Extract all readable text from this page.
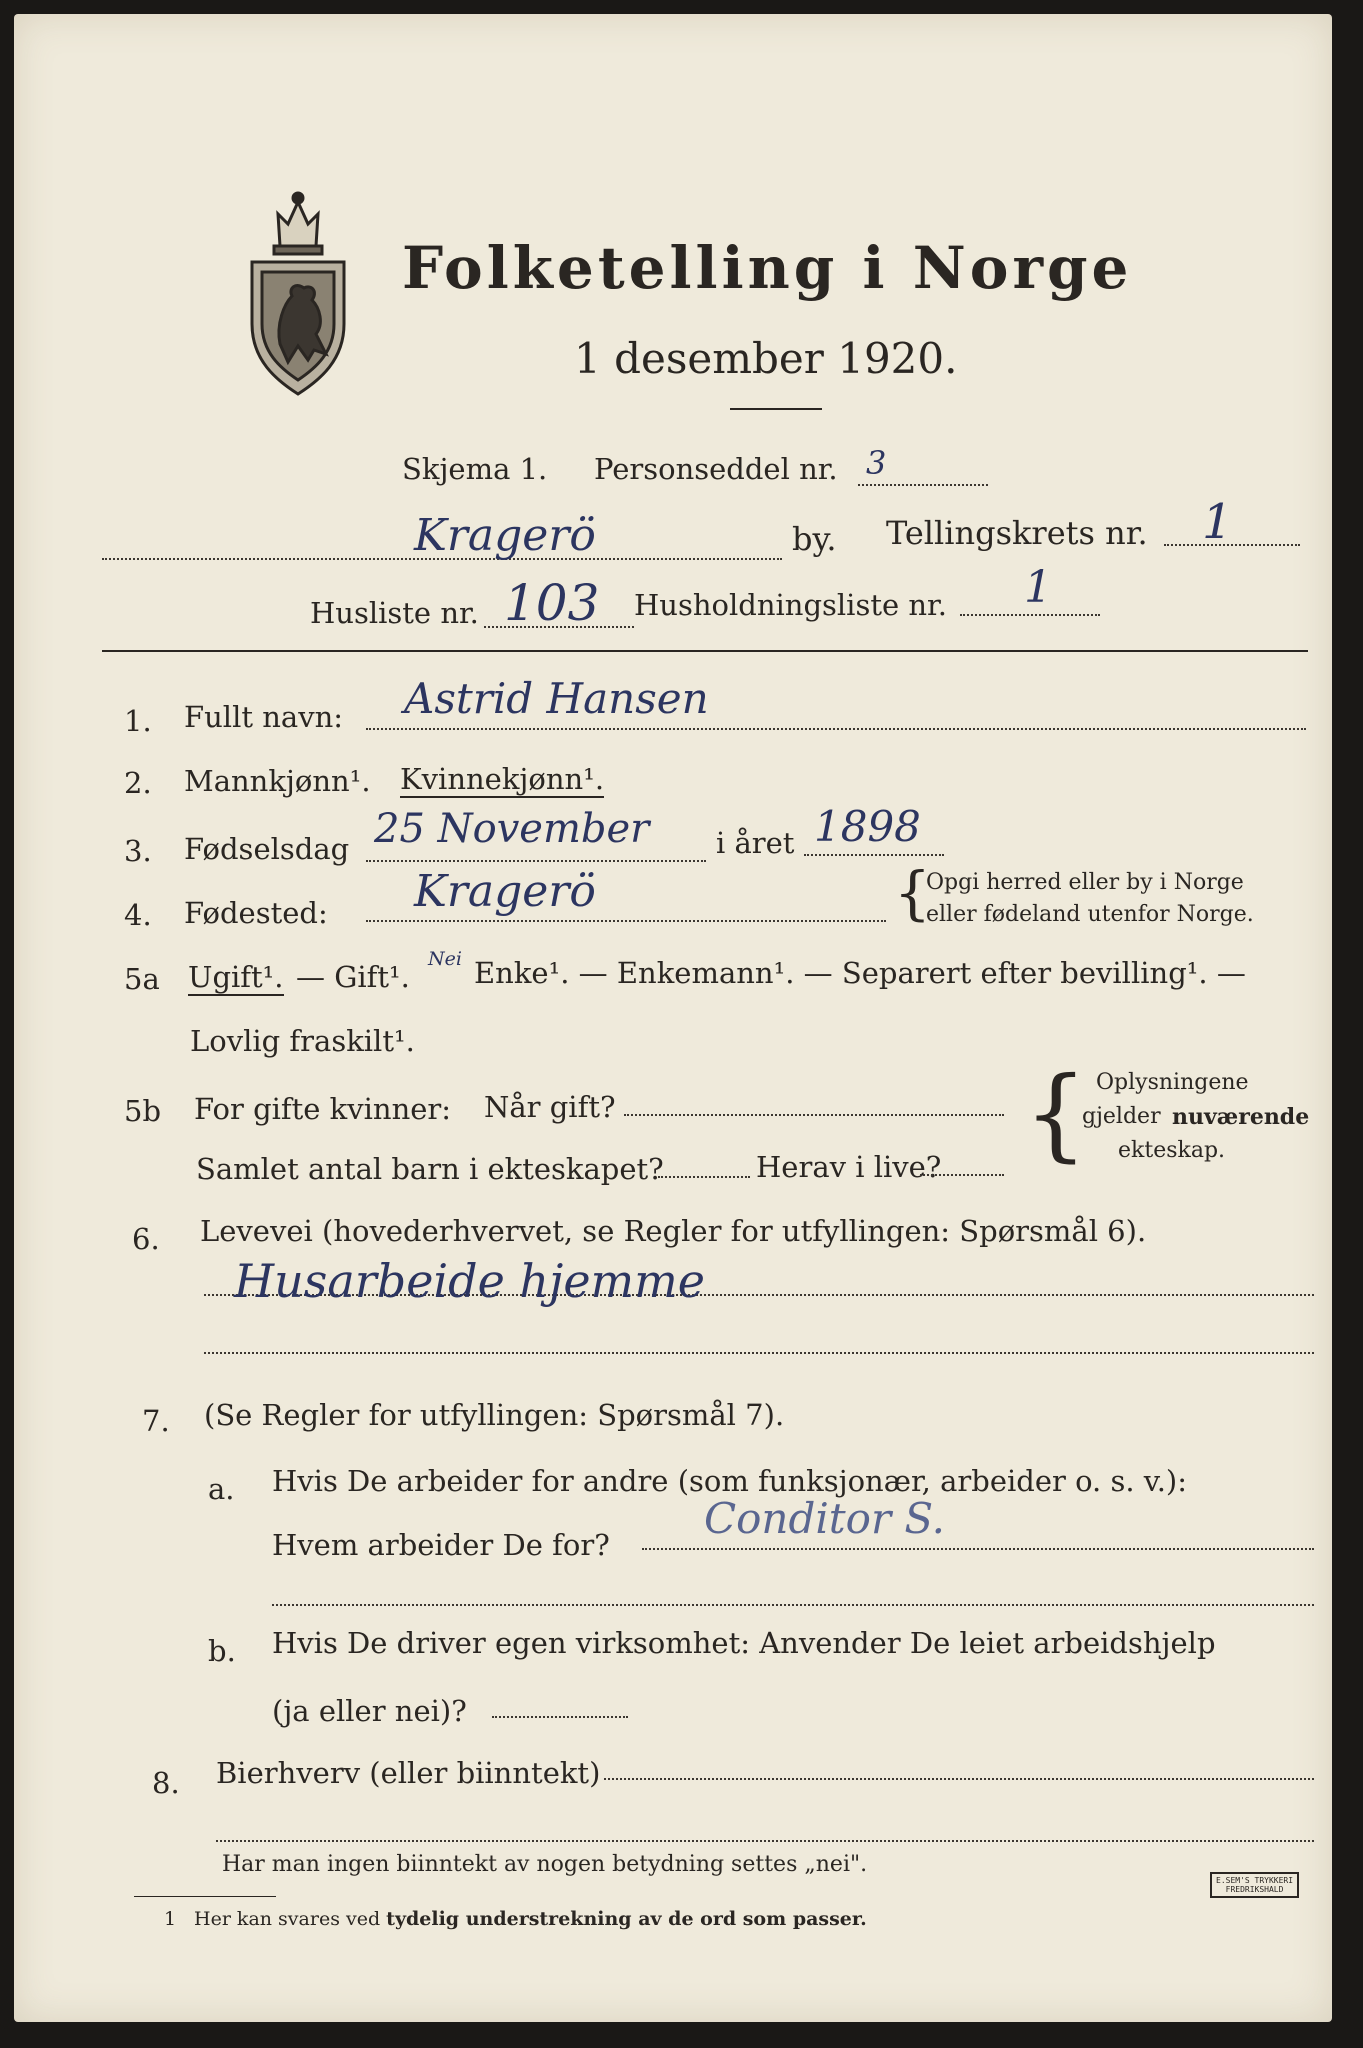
Folketelling i Norge
1 desember 1920.
Skjema 1. Personseddel nr. 3
Kragerö	by. Tellingskrets nr. 1
Husliste nr. 103 Husholdningsliste nr. 1
1. Fullt navn: Astrid Hansen
2. Mannkjønn¹. Kvinnekjønn¹.
3. Fødselsdag 25 November i året 1898
4. Fødested: Kragerö	{
Opgi herred eller by i Norge
eller fødeland utenfor Norge.
5a Ugift¹. — Gift¹.
Nei Enke¹. — Enkemann¹. — Separert efter bevilling¹. —
Lovlig fraskilt¹.
5b For gifte kvinner: Når gift?
Samlet antal barn i ekteskapet?	Herav i live? { Oplysningene
gjelder nuværende
ekteskap.
6. Levevei (hovederhvervet, se Regler for utfyllingen: Spørsmål 6).
Husarbeide hjemme
7. (Se Regler for utfyllingen: Spørsmål 7).
a. Hvis De arbeider for andre (som funksjonær, arbeider o. s. v.):
Hvem arbeider De for?
Conditor S.
b. Hvis De driver egen virksomhet: Anvender De leiet arbeidshjelp
(ja eller nei)?
8. Bierhverv (eller biinntekt)
Har man ingen biinntekt av nogen betydning settes „nei".
1 Her kan svares ved tydelig understrekning av de ord som passer.
E.SEM'S TRYKKERI
FREDRIKSHALD
